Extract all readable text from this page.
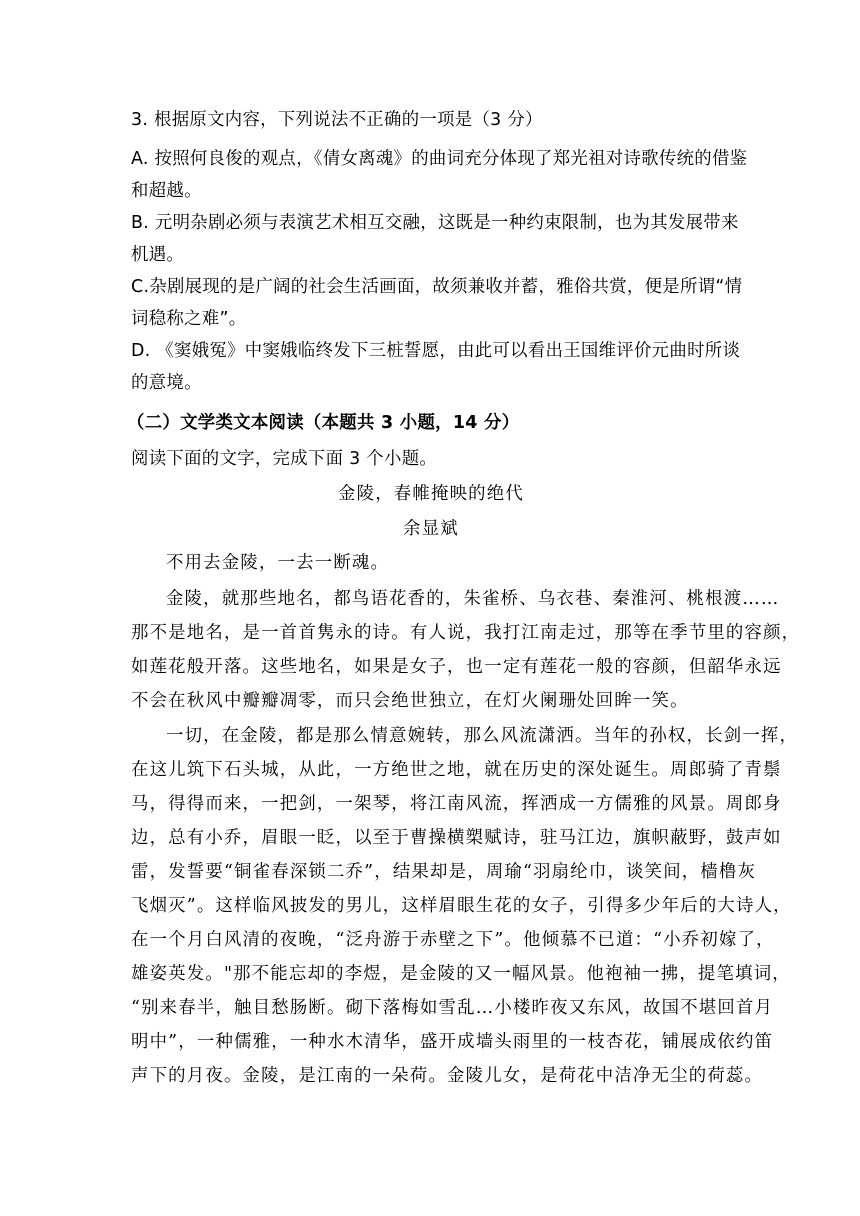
3. 根据原文内容，下列说法不正确的一项是（3 分）
A. 按照何良俊的观点，《倩女离魂》的曲词充分体现了郑光祖对诗歌传统的借鉴
和超越。
B. 元明杂剧必须与表演艺术相互交融，这既是一种约束限制，也为其发展带来
机遇。
C.杂剧展现的是广阔的社会生活画面，故须兼收并蓄，雅俗共赏，便是所谓“情
词稳称之难”。
D. 《窦娥冤》中窦娥临终发下三桩誓愿，由此可以看出王国维评价元曲时所谈
的意境。
（二）文学类文本阅读（本题共 3 小题，14 分）
阅读下面的文字，完成下面 3 个小题。
金陵，春帷掩映的绝代
余显斌
不用去金陵，一去一断魂。
金陵，就那些地名，都鸟语花香的，朱雀桥、乌衣巷、秦淮河、桃根渡……
那不是地名，是一首首隽永的诗。有人说，我打江南走过，那等在季节里的容颜，
如莲花般开落。这些地名，如果是女子，也一定有莲花一般的容颜，但韶华永远
不会在秋风中瓣瓣凋零，而只会绝世独立，在灯火阑珊处回眸一笑。
一切，在金陵，都是那么情意婉转，那么风流潇洒。当年的孙权，长剑一挥，
在这儿筑下石头城，从此，一方绝世之地，就在历史的深处诞生。周郎骑了青鬃
马，得得而来，一把剑，一架琴，将江南风流，挥洒成一方儒雅的风景。周郎身
边，总有小乔，眉眼一眨，以至于曹操横槊赋诗，驻马江边，旗帜蔽野，鼓声如
雷，发誓要“铜雀春深锁二乔”，结果却是，周瑜“羽扇纶巾，谈笑间，樯橹灰
飞烟灭”。这样临风披发的男儿，这样眉眼生花的女子，引得多少年后的大诗人，
在一个月白风清的夜晚，“泛舟游于赤壁之下”。他倾慕不已道：“小乔初嫁了，
雄姿英发。"那不能忘却的李煜，是金陵的又一幅风景。他袍袖一拂，提笔填词，
“别来春半，触目愁肠断。砌下落梅如雪乱…小楼昨夜又东风，故国不堪回首月
明中”，一种儒雅，一种水木清华，盛开成墙头雨里的一枝杏花，铺展成依约笛
声下的月夜。金陵，是江南的一朵荷。金陵儿女，是荷花中洁净无尘的荷蕊。
